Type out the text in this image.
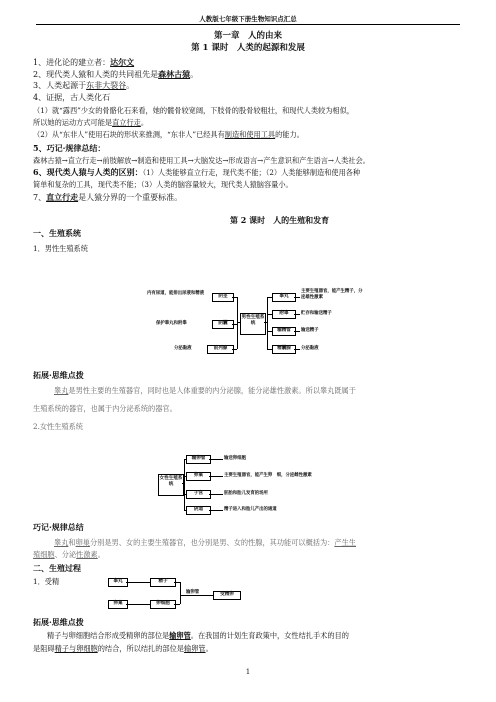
人教版七年级下册生物知识点汇总
第一章　人的由来
第 1 课时　人类的起源和发展
1、进化论的建立者：达尔文
2、现代类人猿和人类的共同祖先是森林古猿。
3、人类起源于东非大裂谷。
4、证据，古人类化石
（1）就“露西”少女的骨骼化石来看，她的髋骨较宽阔，下肢骨的股骨较粗壮，和现代人类较为相似，
所以她的运动方式可能是直立行走。
（2）从“东非人”使用石块的形状来推测，“东非人”已经具有制造和使用工具的能力。
5、巧记·规律总结：
森林古猿→直立行走→前肢解放→制造和使用工具→大脑发达→形成语言→产生意识和产生语言→人类社会。
6、现代类人猿与人类的区别：（1）人类能够直立行走，现代类不能；（2）人类能够制造和使用各种
简单和复杂的工具，现代类不能；（3）人类的脑容量较大，现代类人猿脑容量小。
7、直立行走是人猿分界的一个重要标准。
第 2 课时　人的生殖和发育
一、生殖系统
1．男性生殖系统
内有尿道，能排出尿液和精液
保护睾丸和附睾
分泌黏液
阴茎
阴囊
前列腺
男性生殖系统
睾丸
附睾
输精管
精囊腺
主要生殖器官，能产生精子，分泌雄性激素
贮存和输送精子
输送精子
分泌黏液
拓展·思维点拨
睾丸是男性主要的生殖器官，同时也是人体重要的内分泌腺，能分泌雄性激素。所以睾丸既属于
生殖系统的器官，也属于内分泌系统的器官。
2.女性生殖系统
女性生殖系统
输卵管
卵巢
子宫
阴道
输送卵细胞
主要生殖器官，能产生卵　细，分泌雌性激素
胚胎和胎儿发育的场所
精子进入和胎儿产出的通道
巧记·规律总结
睾丸和卵巢分别是男、女的主要生殖器官，也分别是男、女的性腺，其功能可以概括为：产生生
殖细胞、分泌性激素。
二、生殖过程
1．受精	睾丸	精子
卵巢	卵细胞
输卵管	受精卵
拓展·思维点拨
精子与卵细胞结合形成受精卵的部位是输卵管。在我国的计划生育政策中，女性结扎手术的目的
是阻碍精子与卵细胞的结合，所以结扎的部位是输卵管。
1
